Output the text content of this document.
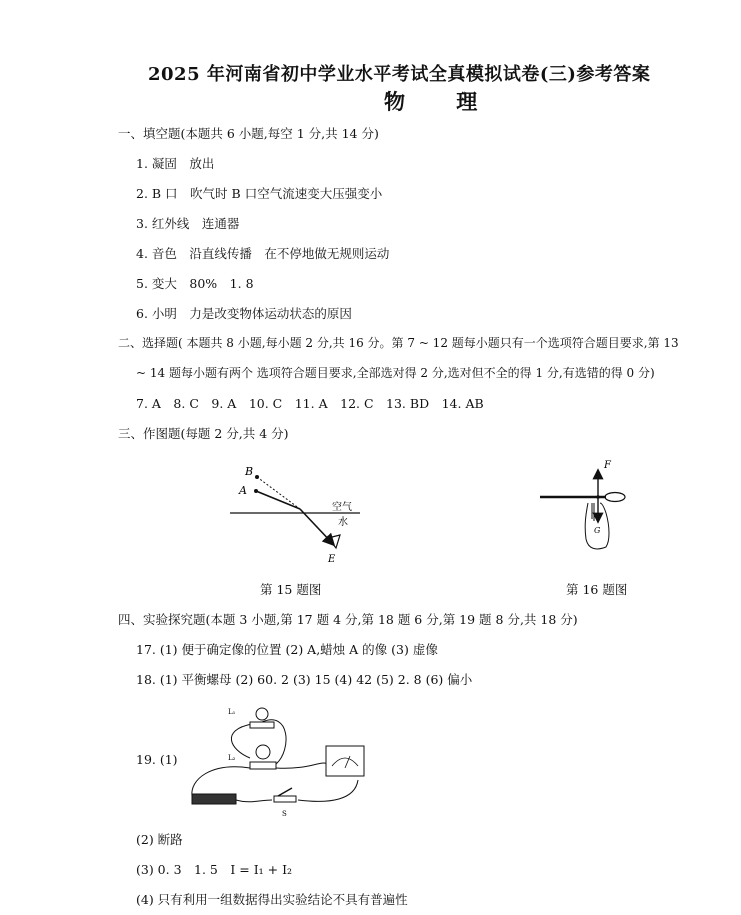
2025 年河南省初中学业水平考试全真模拟试卷(三)参考答案
物 理
一、填空题(本题共 6 小题,每空 1 分,共 14 分)
1. 凝固　放出
2. B 口　吹气时 B 口空气流速变大压强变小
3. 红外线　连通器
4. 音色　沿直线传播　在不停地做无规则运动
5. 变大　80%　1. 8
6. 小明　力是改变物体运动状态的原因
二、选择题( 本题共 8 小题,每小题 2 分,共 16 分。第 7 ~ 12 题每小题只有一个选项符合题目要求,第 13
~ 14 题每小题有两个 选项符合题目要求,全部选对得 2 分,选对但不全的得 1 分,有选错的得 0 分)
7. A　8. C　9. A　10. C　11. A　12. C　13. BD　14. AB
三、作图题(每题 2 分,共 4 分)
B
A
空气
水
E
第 15 题图
F
G
第 16 题图
四、实验探究题(本题 3 小题,第 17 题 4 分,第 18 题 6 分,第 19 题 8 分,共 18 分)
17. (1) 便于确定像的位置 (2) A,蜡烛 A 的像 (3) 虚像
18. (1) 平衡螺母 (2) 60. 2 (3) 15 (4) 42 (5) 2. 8 (6) 偏小
19. (1)
L₁
L₂
S
(2) 断路
(3) 0. 3　1. 5　I = I₁ + I₂
(4) 只有利用一组数据得出实验结论不具有普遍性
